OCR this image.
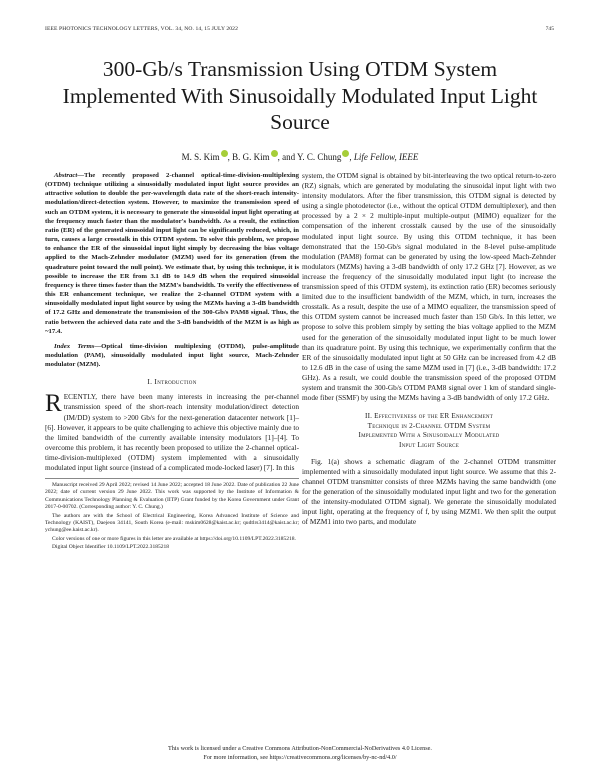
IEEE PHOTONICS TECHNOLOGY LETTERS, VOL. 34, NO. 14, 15 JULY 2022	745
300-Gb/s Transmission Using OTDM System Implemented With Sinusoidally Modulated Input Light Source
M. S. Kim , B. G. Kim , and Y. C. Chung , Life Fellow, IEEE

Abstract—The recently proposed 2-channel optical-time-division-multiplexing (OTDM) technique utilizing a sinusoidally modulated input light source provides an attractive solution to double the per-wavelength data rate of the short-reach intensity-modulation/direct-detection system. However, to maximize the transmission speed of such an OTDM system, it is necessary to generate the sinusoidal input light operating at the frequency much faster than the modulator's bandwidth. As a result, the extinction ratio (ER) of the generated sinusoidal input light can be significantly reduced, which, in turn, causes a large crosstalk in this OTDM system. To solve this problem, we propose to enhance the ER of the sinusoidal input light simply by decreasing the bias voltage applied to the Mach-Zehnder modulator (MZM) used for its generation (from the quadrature point toward the null point). We estimate that, by using this technique, it is possible to increase the ER from 3.1 dB to 14.9 dB when the required sinusoidal frequency is three times faster than the MZM's bandwidth. To verify the effectiveness of this ER enhancement technique, we realize the 2-channel OTDM system with a sinusoidally modulated input light source by using the MZMs having a 3-dB bandwidth of 17.2 GHz and demonstrate the transmission of the 300-Gb/s PAM8 signal. Thus, the ratio between the achieved data rate and the 3-dB bandwidth of the MZM is as high as ~17.4.

Index Terms—Optical time-division multiplexing (OTDM), pulse-amplitude modulation (PAM), sinusoidally modulated input light source, Mach-Zehnder modulator (MZM).

I. Introduction

RECENTLY, there have been many interests in increasing the per-channel transmission speed of the short-reach intensity modulation/direct detection (IM/DD) system to >200 Gb/s for the next-generation datacenter network [1]–[6]. However, it appears to be quite challenging to achieve this objective mainly due to the limited bandwidth of the currently available intensity modulators [1]–[4]. To overcome this problem, it has recently been proposed to utilize the 2-channel optical-time-division-multiplexed (OTDM) system implemented with a sinusoidally modulated input light source (instead of a complicated mode-locked laser) [7]. In this

Manuscript received 29 April 2022; revised 14 June 2022; accepted 18 June 2022. Date of publication 22 June 2022; date of current version 29 June 2022. This work was supported by the Institute of Information & Communications Technology Planning & Evaluation (IITP) Grant funded by the Korea Government under Grant 2017-0-00702. (Corresponding author: Y. C. Chung.)

The authors are with the School of Electrical Engineering, Korea Advanced Institute of Science and Technology (KAIST), Daejeon 34141, South Korea (e-mail: mskim0628@kaist.ac.kr; qudtlrs3414@kaist.ac.kr; ychung@ee.kaist.ac.kr).

Color versions of one or more figures in this letter are available at https://doi.org/10.1109/LPT.2022.3185218.

Digital Object Identifier 10.1109/LPT.2022.3185218

system, the OTDM signal is obtained by bit-interleaving the two optical return-to-zero (RZ) signals, which are generated by modulating the sinusoidal input light with two intensity modulators. After the fiber transmission, this OTDM signal is detected by using a single photodetector (i.e., without the optical OTDM demultiplexer), and then processed by a 2 × 2 multiple-input multiple-output (MIMO) equalizer for the compensation of the inherent crosstalk caused by the use of the sinusoidally modulated input light source. By using this OTDM technique, it has been demonstrated that the 150-Gb/s signal modulated in the 8-level pulse-amplitude modulation (PAM8) format can be generated by using the low-speed Mach-Zehnder modulators (MZMs) having a 3-dB bandwidth of only 17.2 GHz [7]. However, as we increase the frequency of the sinusoidally modulated input light (to increase the transmission speed of this OTDM system), its extinction ratio (ER) becomes seriously limited due to the insufficient bandwidth of the MZM, which, in turn, increases the crosstalk. As a result, despite the use of a MIMO equalizer, the transmission speed of this OTDM system cannot be increased much faster than 150 Gb/s. In this letter, we propose to solve this problem simply by setting the bias voltage applied to the MZM used for the generation of the sinusoidally modulated input light to be much lower than its quadrature point. By using this technique, we experimentally confirm that the ER of the sinusoidally modulated input light at 50 GHz can be increased from 4.2 dB to 12.6 dB in the case of using the same MZM used in [7] (i.e., 3-dB bandwidth: 17.2 GHz). As a result, we could double the transmission speed of the proposed OTDM system and transmit the 300-Gb/s OTDM PAM8 signal over 1 km of standard single-mode fiber (SSMF) by using the MZMs having a 3-dB bandwidth of only 17.2 GHz.

II. Effectiveness of the ER Enhancement
Technique in 2-Channel OTDM System
Implemented With a Sinusoidally Modulated
Input Light Source

Fig. 1(a) shows a schematic diagram of the 2-channel OTDM transmitter implemented with a sinusoidally modulated input light source. We assume that this 2-channel OTDM transmitter consists of three MZMs having the same bandwidth (one for the generation of the sinusoidally modulated input light and two for the generation of the intensity-modulated OTDM signal). We generate the sinusoidally modulated input light, operating at the frequency of f, by using MZM1. We then split the output of MZM1 into two parts, and modulate

This work is licensed under a Creative Commons Attribution-NonCommercial-NoDerivatives 4.0 License.
For more information, see https://creativecommons.org/licenses/by-nc-nd/4.0/
